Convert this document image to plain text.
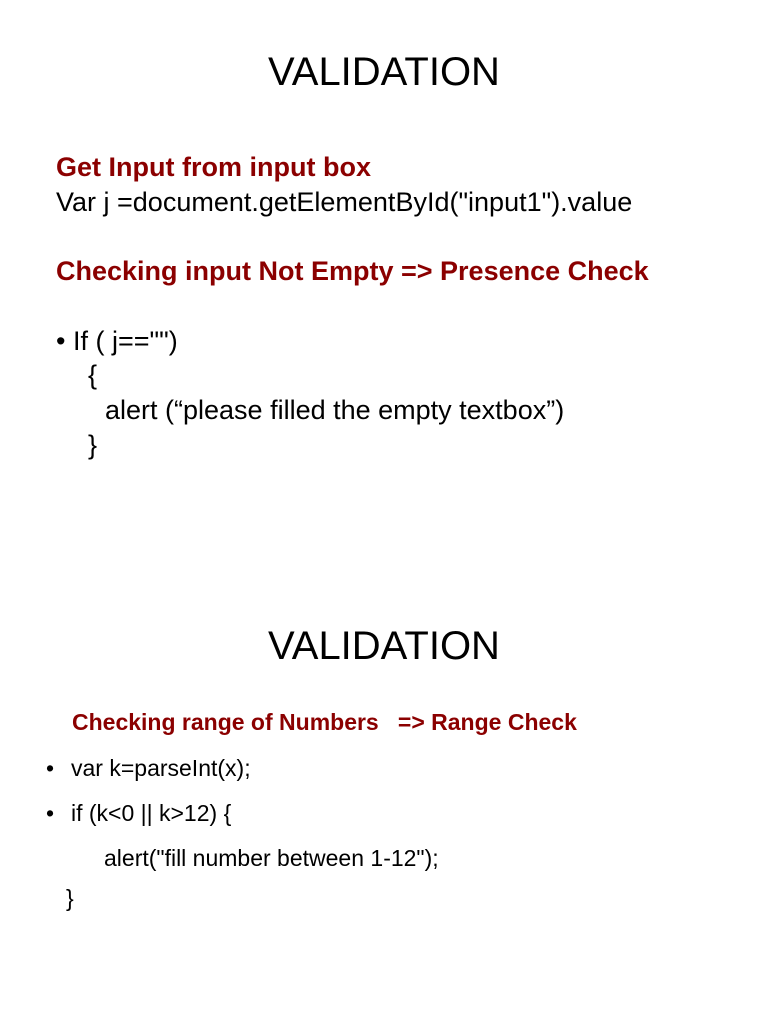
VALIDATION
Get Input from input box
Var j =document.getElementById("input1").value
Checking input Not Empty => Presence Check
• If ( j=="")
{
alert (“please filled the empty textbox”)
}
VALIDATION
Checking range of Numbers   => Range Check
• var k=parseInt(x);
• if (k<0 || k>12) {
alert("fill number between 1-12");
}
